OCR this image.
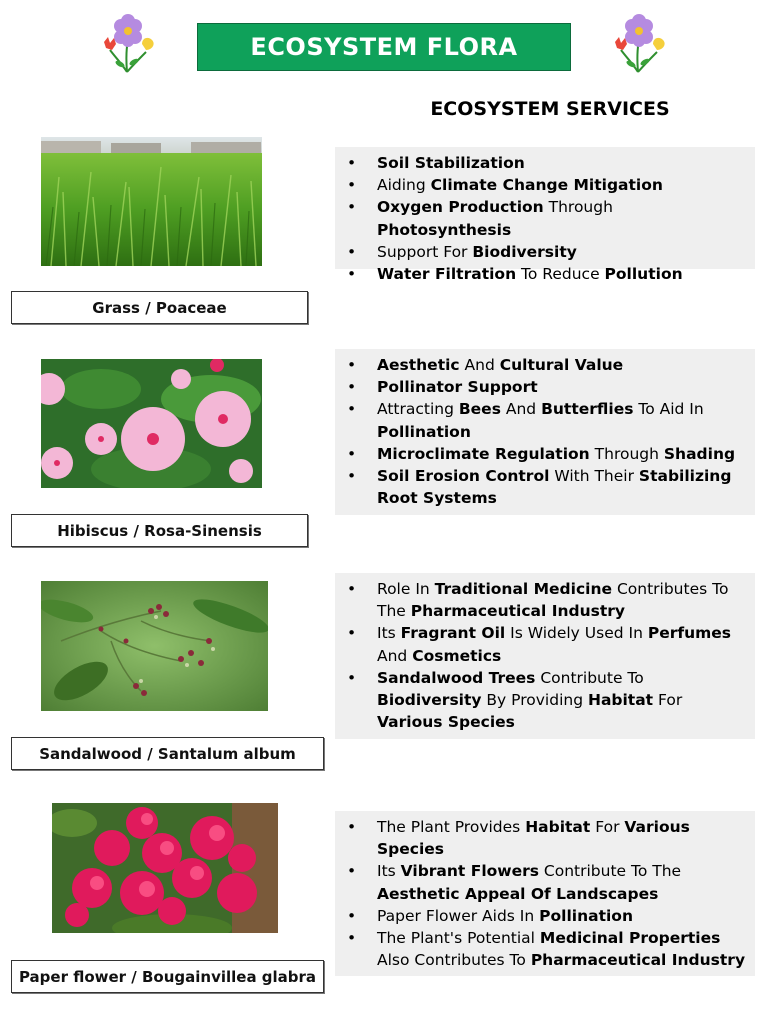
ECOSYSTEM FLORA
ECOSYSTEM SERVICES
• Soil Stabilization
• Aiding Climate Change Mitigation
• Oxygen Production Through Photosynthesis
• Support For Biodiversity
• Water Filtration To Reduce Pollution
Grass / Poaceae
• Aesthetic And Cultural Value
• Pollinator Support
• Attracting Bees And Butterflies To Aid In Pollination
• Microclimate Regulation Through Shading
• Soil Erosion Control With Their Stabilizing Root Systems
Hibiscus / Rosa-Sinensis
• Role In Traditional Medicine Contributes To The Pharmaceutical Industry
• Its Fragrant Oil Is Widely Used In Perfumes And Cosmetics
• Sandalwood Trees Contribute To Biodiversity By Providing Habitat For Various Species
Sandalwood / Santalum album
• The Plant Provides Habitat For Various Species
• Its Vibrant Flowers Contribute To The Aesthetic Appeal Of Landscapes
• Paper Flower Aids In Pollination
• The Plant's Potential Medicinal Properties Also Contributes To Pharmaceutical Industry
Paper flower / Bougainvillea glabra
